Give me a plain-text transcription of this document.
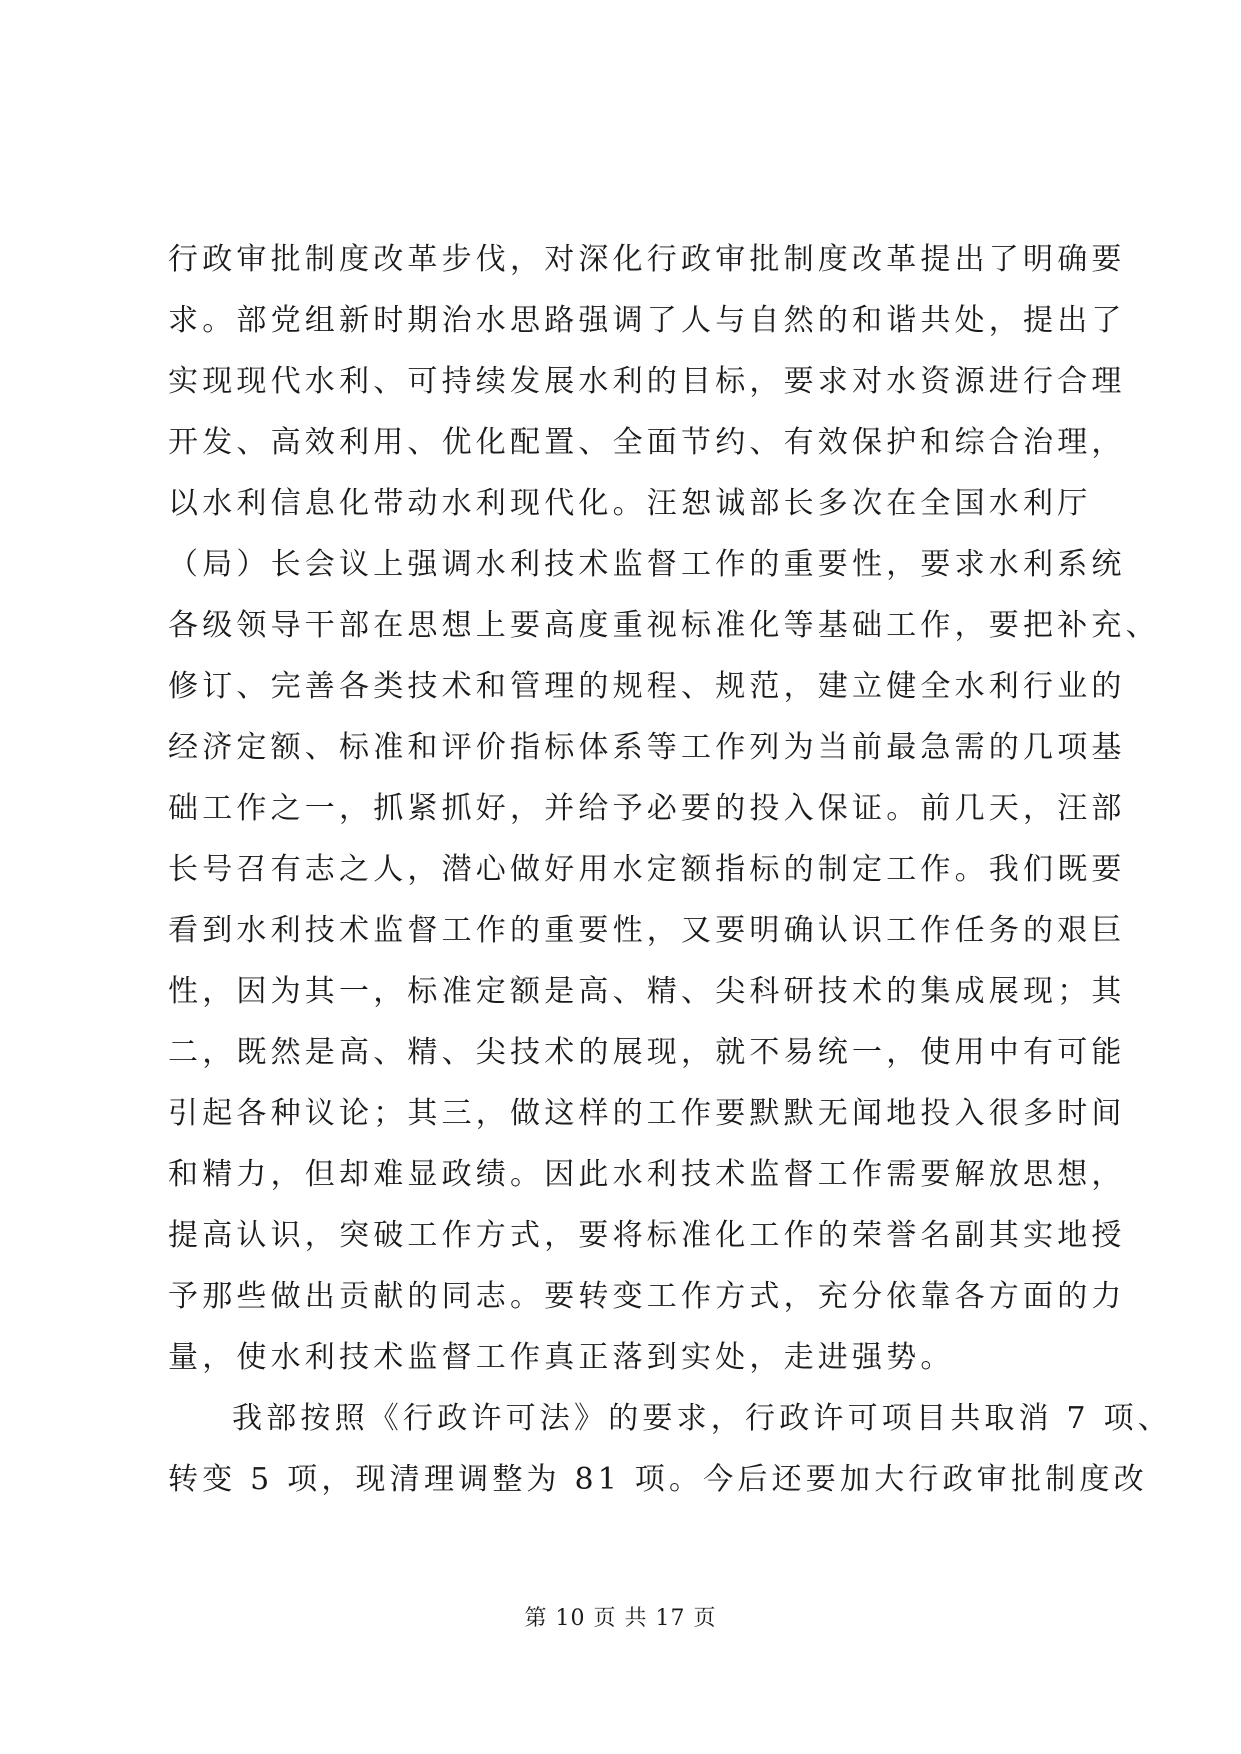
行政审批制度改革步伐，对深化行政审批制度改革提出了明确要
求。部党组新时期治水思路强调了人与自然的和谐共处，提出了
实现现代水利、可持续发展水利的目标，要求对水资源进行合理
开发、高效利用、优化配置、全面节约、有效保护和综合治理，
以水利信息化带动水利现代化。汪恕诚部长多次在全国水利厅
（局）长会议上强调水利技术监督工作的重要性，要求水利系统
各级领导干部在思想上要高度重视标准化等基础工作，要把补充、
修订、完善各类技术和管理的规程、规范，建立健全水利行业的
经济定额、标准和评价指标体系等工作列为当前最急需的几项基
础工作之一，抓紧抓好，并给予必要的投入保证。前几天，汪部
长号召有志之人，潜心做好用水定额指标的制定工作。我们既要
看到水利技术监督工作的重要性，又要明确认识工作任务的艰巨
性，因为其一，标准定额是高、精、尖科研技术的集成展现；其
二，既然是高、精、尖技术的展现，就不易统一，使用中有可能
引起各种议论；其三，做这样的工作要默默无闻地投入很多时间
和精力，但却难显政绩。因此水利技术监督工作需要解放思想，
提高认识，突破工作方式，要将标准化工作的荣誉名副其实地授
予那些做出贡献的同志。要转变工作方式，充分依靠各方面的力
量，使水利技术监督工作真正落到实处，走进强势。
我部按照《行政许可法》的要求，行政许可项目共取消 7 项、
转变 5 项，现清理调整为 81 项。今后还要加大行政审批制度改
第 10 页 共 17 页
